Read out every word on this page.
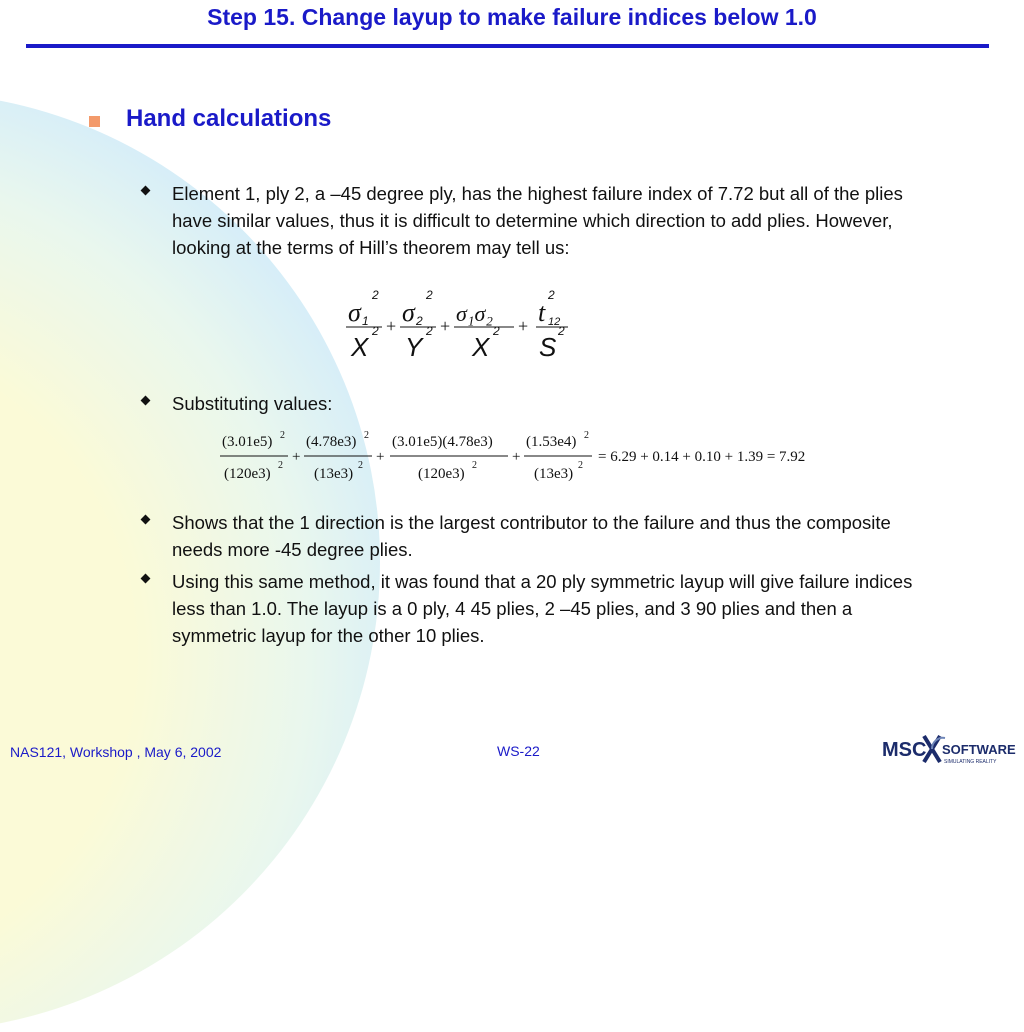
Step 15. Change layup to make failure indices below 1.0
Hand calculations
Element 1, ply 2, a –45 degree ply, has the highest failure index of 7.72 but all of the plies have similar values, thus it is difficult to determine which direction to add plies. However, looking at the terms of Hill’s theorem may tell us:
σ 1
2
X
2 + σ 2
2
Y
2 + σ₁σ₂
X
2 + t 12
2
S
2
Substituting values:
(3.01e5) 2
(120e3)
2
+
(4.78e3) 2
(13e3)
2
+
(3.01e5)(4.78e3)
(120e3)
2
+
(1.53e4) 2
(13e3)
2
= 6.29 + 0.14 + 0.10 + 1.39 = 7.92
Shows that the 1 direction is the largest contributor to the failure and thus the composite needs more -45 degree plies.
Using this same method, it was found that a 20 ply symmetric layup will give failure indices less than 1.0. The layup is a 0 ply, 4 45 plies, 2 –45 plies, and 3 90 plies and then a symmetric layup for the other 10 plies.
NAS121, Workshop , May 6, 2002	WS-22	MSC SOFTWARE
SIMULATING REALITY
